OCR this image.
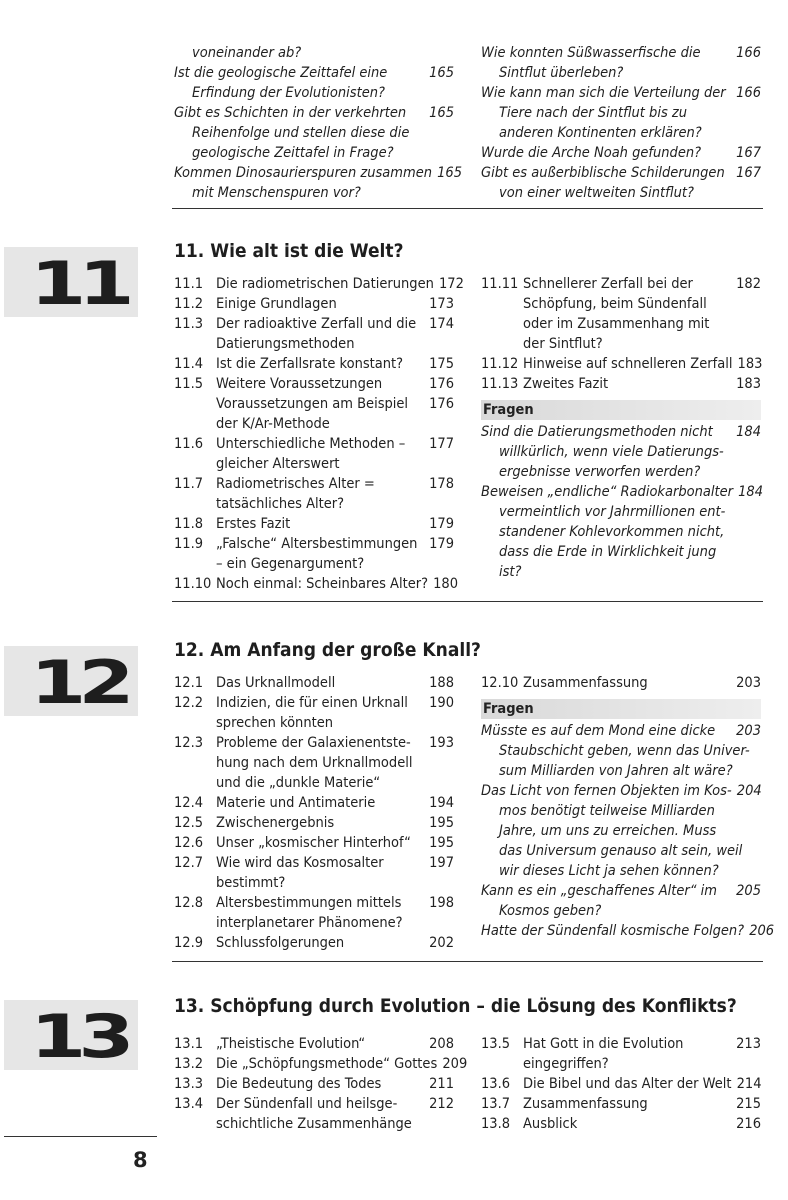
voneinander ab?
Ist die geologische Zeittafel eine	165
Erfindung der Evolutionisten?
Gibt es Schichten in der verkehrten	165
Reihenfolge und stellen diese die
geologische Zeittafel in Frage?
Kommen Dinosaurierspuren zusammen 165
mit Menschenspuren vor?
Wie konnten Süßwasserfische die	166
Sintflut überleben?
Wie kann man sich die Verteilung der 166
Tiere nach der Sintflut bis zu
anderen Kontinenten erklären?
Wurde die Arche Noah gefunden?	167
Gibt es außerbiblische Schilderungen 167
von einer weltweiten Sintflut?
11 11. Wie alt ist die Welt?
11.1 Die radiometrischen Datierungen 172
11.2 Einige Grundlagen	173
11.3 Der radioaktive Zerfall und die 174
Datierungsmethoden
11.4 Ist die Zerfallsrate konstant?	175
11.5 Weitere Voraussetzungen	176
Voraussetzungen am Beispiel	176
der K/Ar-Methode
11.6 Unterschiedliche Methoden –	177
gleicher Alterswert
11.7 Radiometrisches Alter =	178
tatsächliches Alter?
11.8 Erstes Fazit	179
11.9 „Falsche“ Altersbestimmungen 179
– ein Gegenargument?
11.10 Noch einmal: Scheinbares Alter? 180
11.11 Schnellerer Zerfall bei der	182
Schöpfung, beim Sündenfall
oder im Zusammenhang mit
der Sintflut?
11.12 Hinweise auf schnelleren Zerfall 183
11.13 Zweites Fazit	183
Fragen
Sind die Datierungsmethoden nicht	184
willkürlich, wenn viele Datierungs-
ergebnisse verworfen werden?
Beweisen „endliche“ Radiokarbonalter 184
vermeintlich vor Jahrmillionen ent-
standener Kohlevorkommen nicht,
dass die Erde in Wirklichkeit jung
ist?
12 12. Am Anfang der große Knall?
12.1 Das Urknallmodell	188
12.2 Indizien, die für einen Urknall	190
sprechen könnten
12.3 Probleme der Galaxienentste-	193
hung nach dem Urknallmodell
und die „dunkle Materie“
12.4 Materie und Antimaterie	194
12.5 Zwischenergebnis	195
12.6 Unser „kosmischer Hinterhof“	195
12.7 Wie wird das Kosmosalter	197
bestimmt?
12.8 Altersbestimmungen mittels	198
interplanetarer Phänomene?
12.9 Schlussfolgerungen	202
12.10 Zusammenfassung	203
Fragen
Müsste es auf dem Mond eine dicke	203
Staubschicht geben, wenn das Univer-
sum Milliarden von Jahren alt wäre?
Das Licht von fernen Objekten im Kos- 204
mos benötigt teilweise Milliarden
Jahre, um uns zu erreichen. Muss
das Universum genauso alt sein, weil
wir dieses Licht ja sehen können?
Kann es ein „geschaffenes Alter“ im	205
Kosmos geben?
Hatte der Sündenfall kosmische Folgen? 206
13 13. Schöpfung durch Evolution – die Lösung des Konflikts?
13.1 „Theistische Evolution“	208
13.2 Die „Schöpfungsmethode“ Gottes 209
13.3 Die Bedeutung des Todes	211
13.4 Der Sündenfall und heilsge-	212
schichtliche Zusammenhänge
13.5 Hat Gott in die Evolution	213
eingegriffen?
13.6 Die Bibel und das Alter der Welt 214
13.7 Zusammenfassung	215
13.8 Ausblick	216
8
